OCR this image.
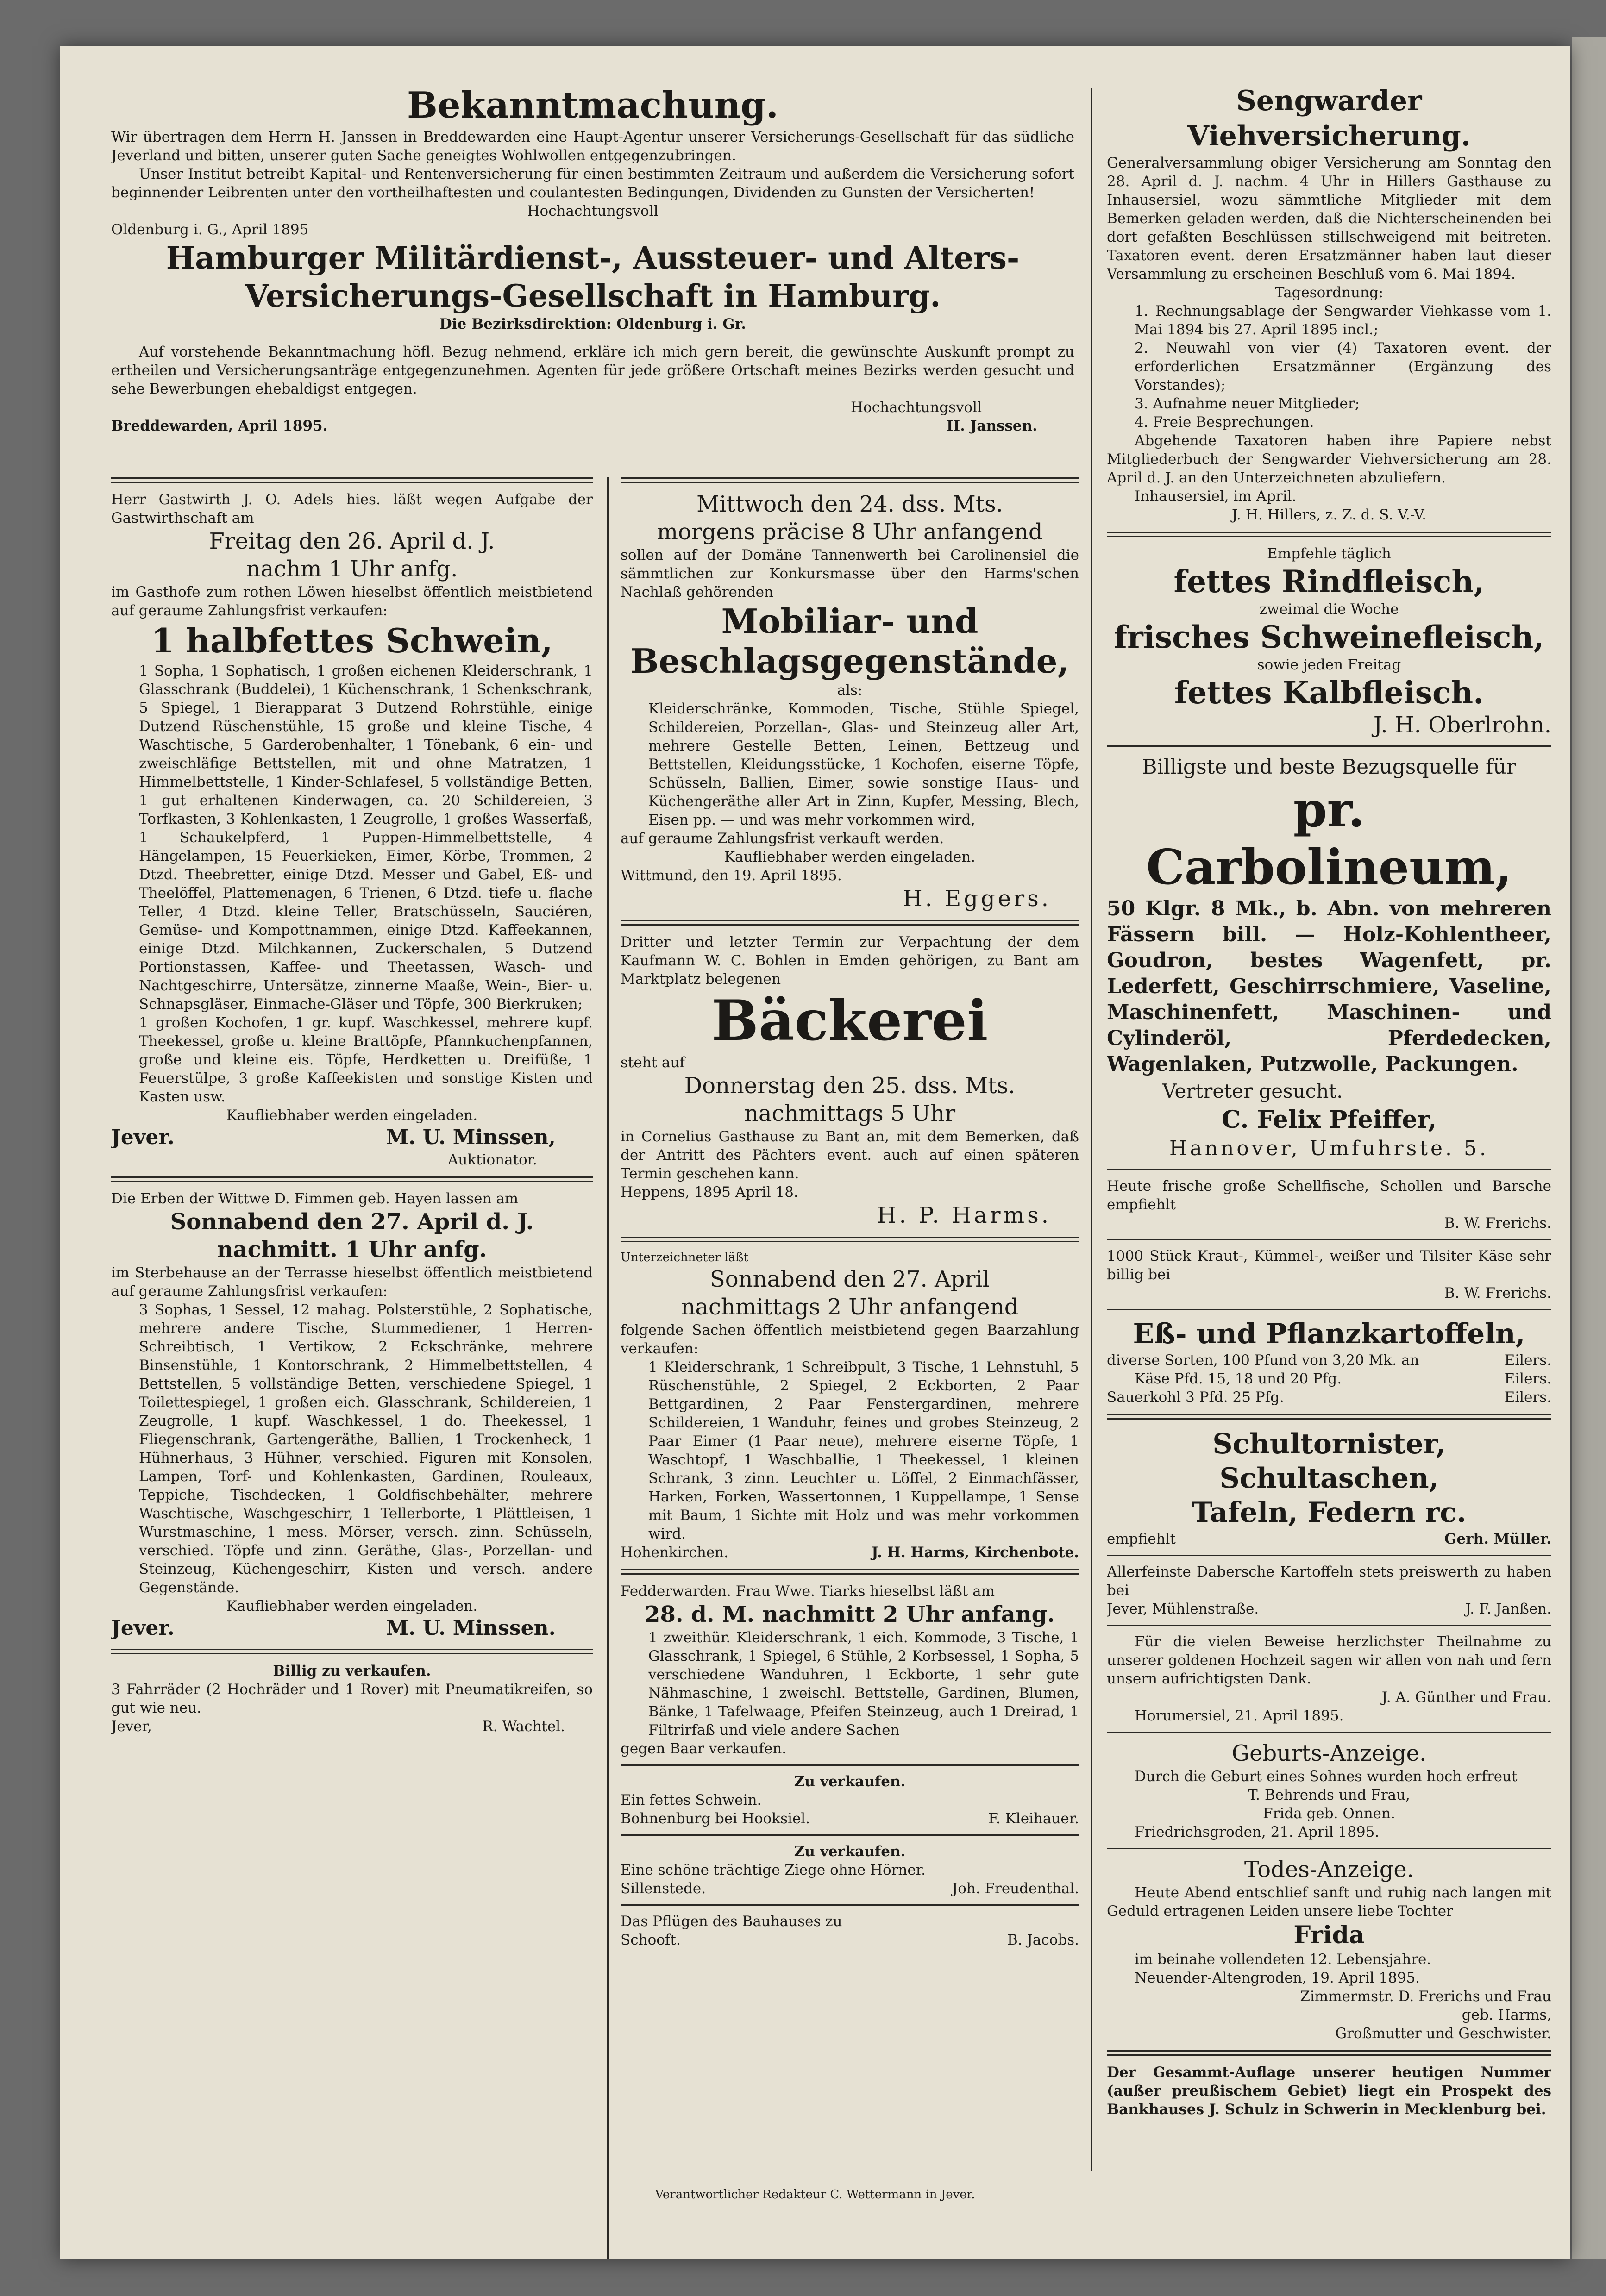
Bekanntmachung.

Wir übertragen dem Herrn H. Janssen in Breddewarden eine Haupt-Agentur unserer Versicherungs-Gesellschaft für das südliche Jeverland und bitten, unserer guten Sache geneigtes Wohlwollen entgegenzubringen.

Unser Institut betreibt Kapital- und Rentenversicherung für einen bestimmten Zeitraum und außerdem die Versicherung sofort beginnender Leibrenten unter den vortheilhaftesten und coulantesten Bedingungen, Dividenden zu Gunsten der Versicherten!

Hochachtungsvoll

Oldenburg i. G., April 1895

Hamburger Militärdienst-, Aussteuer- und Alters-

Versicherungs-Gesellschaft in Hamburg.

Die Bezirksdirektion: Oldenburg i. Gr.

Auf vorstehende Bekanntmachung höfl. Bezug nehmend, erkläre ich mich gern bereit, die gewünschte Auskunft prompt zu ertheilen und Versicherungsanträge entgegenzunehmen. Agenten für jede größere Ortschaft meines Bezirks werden gesucht und sehe Bewerbungen ehebaldigst entgegen.

Hochachtungsvoll

Breddewarden, April 1895.	H. Janssen.

Herr Gastwirth J. O. Adels hies. läßt wegen Aufgabe der Gastwirthschaft am

Freitag den 26. April d. J.

nachm 1 Uhr anfg.

im Gasthofe zum rothen Löwen hieselbst öffentlich meistbietend auf geraume Zahlungsfrist verkaufen:

1 halbfettes Schwein,

1 Sopha, 1 Sophatisch, 1 großen eichenen Kleiderschrank, 1 Glasschrank (Buddelei), 1 Küchenschrank, 1 Schenkschrank, 5 Spiegel, 1 Bierapparat 3 Dutzend Rohrstühle, einige Dutzend Rüschenstühle, 15 große und kleine Tische, 4 Waschtische, 5 Garderobenhalter, 1 Tönebank, 6 ein- und zweischläfige Bettstellen, mit und ohne Matratzen, 1 Himmelbettstelle, 1 Kinder-Schlafesel, 5 vollständige Betten, 1 gut erhaltenen Kinderwagen, ca. 20 Schildereien, 3 Torfkasten, 3 Kohlenkasten, 1 Zeugrolle, 1 großes Wasserfaß, 1 Schaukelpferd, 1 Puppen-Himmelbettstelle, 4 Hängelampen, 15 Feuerkieken, Eimer, Körbe, Trommen, 2 Dtzd. Theebretter, einige Dtzd. Messer und Gabel, Eß- und Theelöffel, Plattemenagen, 6 Trienen, 6 Dtzd. tiefe u. flache Teller, 4 Dtzd. kleine Teller, Bratschüsseln, Sauciéren, Gemüse- und Kompottnammen, einige Dtzd. Kaffeekannen, einige Dtzd. Milchkannen, Zuckerschalen, 5 Dutzend Portionstassen, Kaffee- und Theetassen, Wasch- und Nachtgeschirre, Untersätze, zinnerne Maaße, Wein-, Bier- u. Schnapsgläser, Einmache-Gläser und Töpfe, 300 Bierkruken;

1 großen Kochofen, 1 gr. kupf. Waschkessel, mehrere kupf. Theekessel, große u. kleine Brattöpfe, Pfannkuchenpfannen, große und kleine eis. Töpfe, Herdketten u. Dreifüße, 1 Feuerstülpe, 3 große Kaffeekisten und sonstige Kisten und Kasten usw.

Kaufliebhaber werden eingeladen.

Jever.	M. U. Minssen,

Auktionator.

Die Erben der Wittwe D. Fimmen geb. Hayen lassen am

Sonnabend den 27. April d. J.

nachmitt. 1 Uhr anfg.

im Sterbehause an der Terrasse hieselbst öffentlich meistbietend auf geraume Zahlungsfrist verkaufen:

3 Sophas, 1 Sessel, 12 mahag. Polsterstühle, 2 Sophatische, mehrere andere Tische, Stummediener, 1 Herren-Schreibtisch, 1 Vertikow, 2 Eckschränke, mehrere Binsenstühle, 1 Kontorschrank, 2 Himmelbettstellen, 4 Bettstellen, 5 vollständige Betten, verschiedene Spiegel, 1 Toilettespiegel, 1 großen eich. Glasschrank, Schildereien, 1 Zeugrolle, 1 kupf. Waschkessel, 1 do. Theekessel, 1 Fliegenschrank, Gartengeräthe, Ballien, 1 Trockenheck, 1 Hühnerhaus, 3 Hühner, verschied. Figuren mit Konsolen, Lampen, Torf- und Kohlenkasten, Gardinen, Rouleaux, Teppiche, Tischdecken, 1 Goldfischbehälter, mehrere Waschtische, Waschgeschirr, 1 Tellerborte, 1 Plättleisen, 1 Wurstmaschine, 1 mess. Mörser, versch. zinn. Schüsseln, verschied. Töpfe und zinn. Geräthe, Glas-, Porzellan- und Steinzeug, Küchengeschirr, Kisten und versch. andere Gegenstände.

Kaufliebhaber werden eingeladen.

Jever.	M. U. Minssen.

Billig zu verkaufen.

3 Fahrräder (2 Hochräder und 1 Rover) mit Pneumatikreifen, so gut wie neu.

Jever,	R. Wachtel.

Mittwoch den 24. dss. Mts.

morgens präcise 8 Uhr anfangend

sollen auf der Domäne Tannenwerth bei Carolinensiel die sämmtlichen zur Konkursmasse über den Harms'schen Nachlaß gehörenden

Mobiliar- und

Beschlagsgegenstände,

als:

Kleiderschränke, Kommoden, Tische, Stühle Spiegel, Schildereien, Porzellan-, Glas- und Steinzeug aller Art, mehrere Gestelle Betten, Leinen, Bettzeug und Bettstellen, Kleidungsstücke, 1 Kochofen, eiserne Töpfe, Schüsseln, Ballien, Eimer, sowie sonstige Haus- und Küchengeräthe aller Art in Zinn, Kupfer, Messing, Blech, Eisen pp. — und was mehr vorkommen wird,

auf geraume Zahlungsfrist verkauft werden.

Kaufliebhaber werden eingeladen.

Wittmund, den 19. April 1895.

H. Eggers.

Dritter und letzter Termin zur Verpachtung der dem Kaufmann W. C. Bohlen in Emden gehörigen, zu Bant am Marktplatz belegenen

Bäckerei

steht auf

Donnerstag den 25. dss. Mts.

nachmittags 5 Uhr

in Cornelius Gasthause zu Bant an, mit dem Bemerken, daß der Antritt des Pächters event. auch auf einen späteren Termin geschehen kann.

Heppens, 1895 April 18.

H. P. Harms.

Unterzeichneter läßt

Sonnabend den 27. April

nachmittags 2 Uhr anfangend

folgende Sachen öffentlich meistbietend gegen Baarzahlung verkaufen:

1 Kleiderschrank, 1 Schreibpult, 3 Tische, 1 Lehnstuhl, 5 Rüschenstühle, 2 Spiegel, 2 Eckborten, 2 Paar Bettgardinen, 2 Paar Fenstergardinen, mehrere Schildereien, 1 Wanduhr, feines und grobes Steinzeug, 2 Paar Eimer (1 Paar neue), mehrere eiserne Töpfe, 1 Waschtopf, 1 Waschballie, 1 Theekessel, 1 kleinen Schrank, 3 zinn. Leuchter u. Löffel, 2 Einmachfässer, Harken, Forken, Wassertonnen, 1 Kuppellampe, 1 Sense mit Baum, 1 Sichte mit Holz und was mehr vorkommen wird.

Hohenkirchen.	J. H. Harms, Kirchenbote.

Fedderwarden. Frau Wwe. Tiarks hieselbst läßt am

28. d. M. nachmitt 2 Uhr anfang.

1 zweithür. Kleiderschrank, 1 eich. Kommode, 3 Tische, 1 Glasschrank, 1 Spiegel, 6 Stühle, 2 Korbsessel, 1 Sopha, 5 verschiedene Wanduhren, 1 Eckborte, 1 sehr gute Nähmaschine, 1 zweischl. Bettstelle, Gardinen, Blumen, Bänke, 1 Tafelwaage, Pfeifen Steinzeug, auch 1 Dreirad, 1 Filtrirfaß und viele andere Sachen

gegen Baar verkaufen.

Zu verkaufen.

Ein fettes Schwein.

Bohnenburg bei Hooksiel.	F. Kleihauer.

Zu verkaufen.

Eine schöne trächtige Ziege ohne Hörner.

Sillenstede.	Joh. Freudenthal.

Das Pflügen des Bauhauses zu

Schooft.	B. Jacobs.

Sengwarder Viehversicherung.

Generalversammlung obiger Versicherung am Sonntag den 28. April d. J. nachm. 4 Uhr in Hillers Gasthause zu Inhausersiel, wozu sämmtliche Mitglieder mit dem Bemerken geladen werden, daß die Nichterscheinenden bei dort gefaßten Beschlüssen stillschweigend mit beitreten. Taxatoren event. deren Ersatzmänner haben laut dieser Versammlung zu erscheinen Beschluß vom 6. Mai 1894.

Tagesordnung:

1. Rechnungsablage der Sengwarder Viehkasse vom 1. Mai 1894 bis 27. April 1895 incl.;

2. Neuwahl von vier (4) Taxatoren event. der erforderlichen Ersatzmänner (Ergänzung des Vorstandes);

3. Aufnahme neuer Mitglieder;

4. Freie Besprechungen.

Abgehende Taxatoren haben ihre Papiere nebst Mitgliederbuch der Sengwarder Viehversicherung am 28. April d. J. an den Unterzeichneten abzuliefern.

Inhausersiel, im April.

J. H. Hillers, z. Z. d. S. V.-V.

Empfehle täglich

fettes Rindfleisch,

zweimal die Woche

frisches Schweinefleisch,

sowie jeden Freitag

fettes Kalbfleisch.

J. H. Oberlrohn.

Billigste und beste Bezugsquelle für

pr. Carbolineum,

50 Klgr. 8 Mk., b. Abn. von mehreren Fässern bill. — Holz-Kohlentheer, Goudron, bestes Wagenfett, pr. Lederfett, Geschirrschmiere, Vaseline, Maschinenfett, Maschinen- und Cylinderöl, Pferdedecken, Wagenlaken, Putzwolle, Packungen.

Vertreter gesucht.

C. Felix Pfeiffer,

Hannover, Umfuhrste. 5.

Heute frische große Schellfische, Schollen und Barsche empfiehlt

B. W. Frerichs.

1000 Stück Kraut-, Kümmel-, weißer und Tilsiter Käse sehr billig bei

B. W. Frerichs.

Eß- und Pflanzkartoffeln,

diverse Sorten, 100 Pfund von 3,20 Mk. an	Eilers.
Käse Pfd. 15, 18 und 20 Pfg.	Eilers.
Sauerkohl 3 Pfd. 25 Pfg.	Eilers.

Schultornister, Schultaschen,

Tafeln, Federn rc.

empfiehlt	Gerh. Müller.

Allerfeinste Dabersche Kartoffeln stets preiswerth zu haben bei

Jever, Mühlenstraße.	J. F. Janßen.

Für die vielen Beweise herzlichster Theilnahme zu unserer goldenen Hochzeit sagen wir allen von nah und fern unsern aufrichtigsten Dank.

J. A. Günther und Frau.

Horumersiel, 21. April 1895.

Geburts-Anzeige.

Durch die Geburt eines Sohnes wurden hoch erfreut

T. Behrends und Frau,

Frida geb. Onnen.

Friedrichsgroden, 21. April 1895.

Todes-Anzeige.

Heute Abend entschlief sanft und ruhig nach langen mit Geduld ertragenen Leiden unsere liebe Tochter

Frida

im beinahe vollendeten 12. Lebensjahre.

Neuender-Altengroden, 19. April 1895.

Zimmermstr. D. Frerichs und Frau

geb. Harms,

Großmutter und Geschwister.

Der Gesammt-Auflage unserer heutigen Nummer (außer preußischem Gebiet) liegt ein Prospekt des Bankhauses J. Schulz in Schwerin in Mecklenburg bei.

Verantwortlicher Redakteur C. Wettermann in Jever.
